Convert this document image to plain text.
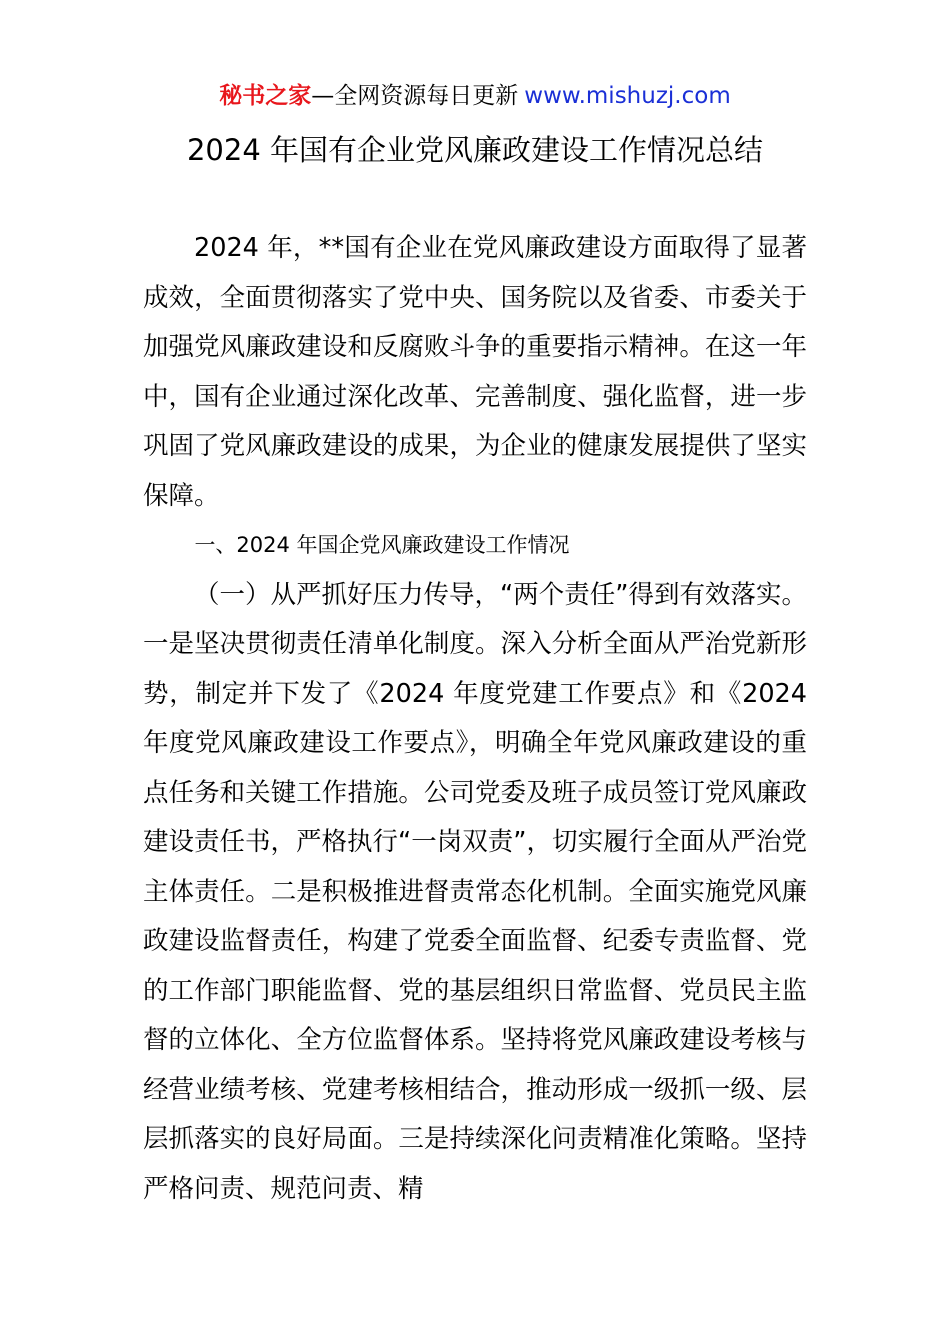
秘书之家—全网资源每日更新 www.mishuzj.com
2024 年国有企业党风廉政建设工作情况总结

2024 年，**国有企业在党风廉政建设方面取得了显著成效，全面贯彻落实了党中央、国务院以及省委、市委关于加强党风廉政建设和反腐败斗争的重要指示精神。在这一年中，国有企业通过深化改革、完善制度、强化监督，进一步巩固了党风廉政建设的成果，为企业的健康发展提供了坚实保障。

一、2024 年国企党风廉政建设工作情况

（一）从严抓好压力传导，“两个责任”得到有效落实。一是坚决贯彻责任清单化制度。深入分析全面从严治党新形势，制定并下发了《2024 年度党建工作要点》和《2024 年度党风廉政建设工作要点》，明确全年党风廉政建设的重点任务和关键工作措施。公司党委及班子成员签订党风廉政建设责任书，严格执行“一岗双责”，切实履行全面从严治党主体责任。二是积极推进督责常态化机制。全面实施党风廉政建设监督责任，构建了党委全面监督、纪委专责监督、党的工作部门职能监督、党的基层组织日常监督、党员民主监督的立体化、全方位监督体系。坚持将党风廉政建设考核与经营业绩考核、党建考核相结合，推动形成一级抓一级、层层抓落实的良好局面。三是持续深化问责精准化策略。坚持严格问责、规范问责、精
